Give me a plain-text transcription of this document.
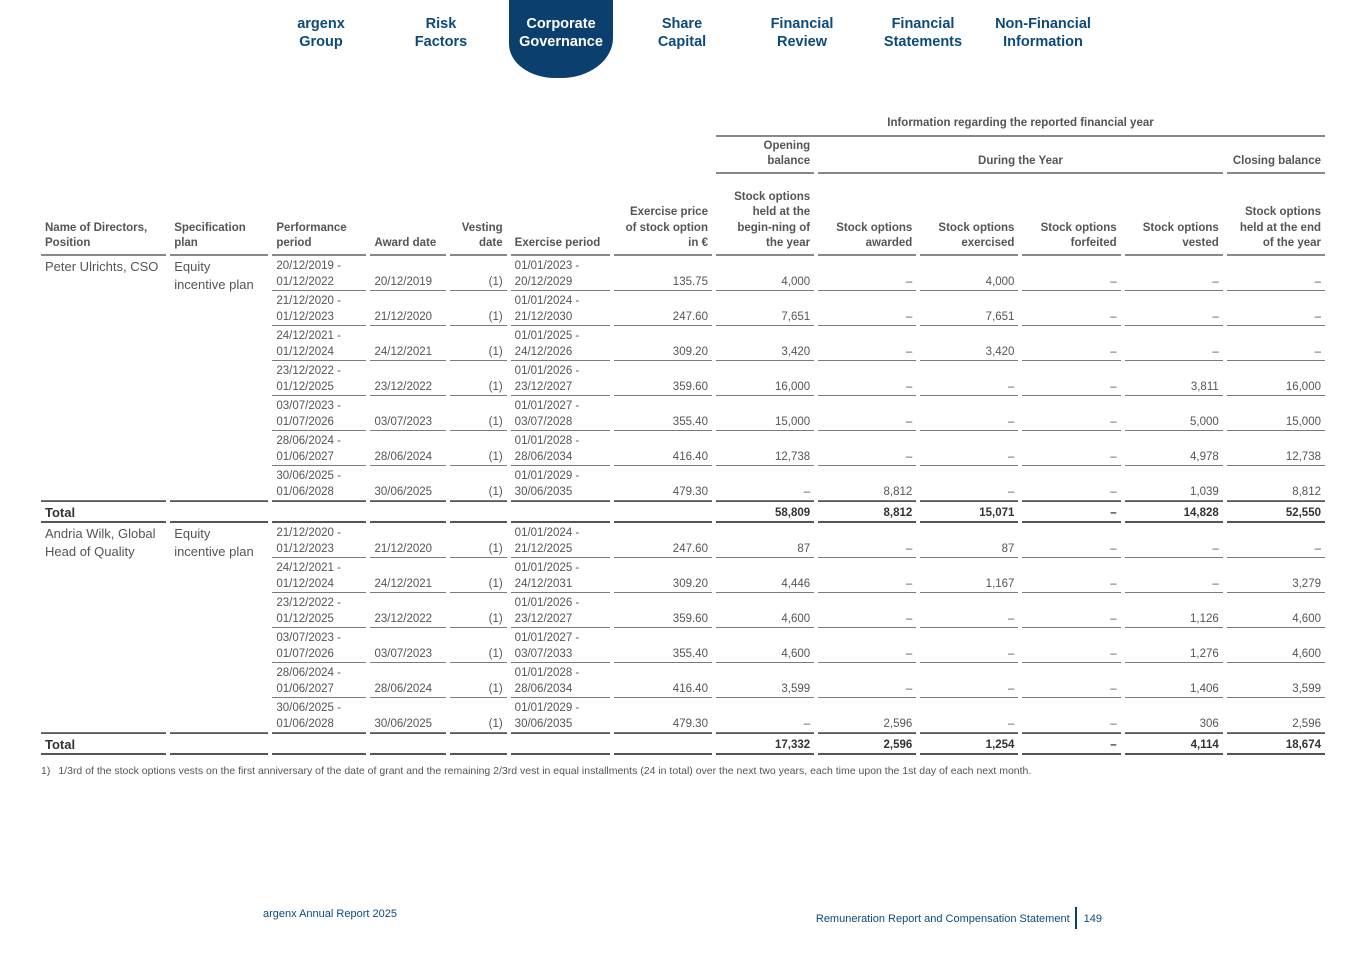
argenx
Group
Risk
Factors
Corporate
Governance
Share
Capital
Financial
Review
Financial
Statements
Non-Financial
Information
							Information regarding the reported financial year					
							Opening balance	During the Year				Closing balance
Name of Directors, Position	Specification plan	Performance period	Award date	Vesting date	Exercise period	Exercise price of stock option in €	Stock options held at the begin-ning of the year	Stock options awarded	Stock options exercised	Stock options forfeited	Stock options vested	Stock options held at the end of the year
Peter Ulrichts, CSO	Equity incentive plan	20/12/2019 - 01/12/2022	20/12/2019	(1)	01/01/2023 - 20/12/2029	135.75	4,000	–	4,000	–	–	–
		21/12/2020 - 01/12/2023	21/12/2020	(1)	01/01/2024 - 21/12/2030	247.60	7,651	–	7,651	–	–	–
		24/12/2021 - 01/12/2024	24/12/2021	(1)	01/01/2025 - 24/12/2026	309.20	3,420	–	3,420	–	–	–
		23/12/2022 - 01/12/2025	23/12/2022	(1)	01/01/2026 - 23/12/2027	359.60	16,000	–	–	–	3,811	16,000
		03/07/2023 - 01/07/2026	03/07/2023	(1)	01/01/2027 - 03/07/2028	355.40	15,000	–	–	–	5,000	15,000
		28/06/2024 - 01/06/2027	28/06/2024	(1)	01/01/2028 - 28/06/2034	416.40	12,738	–	–	–	4,978	12,738
		30/06/2025 - 01/06/2028	30/06/2025	(1)	01/01/2029 - 30/06/2035	479.30	–	8,812	–	–	1,039	8,812
Total							58,809	8,812	15,071	–	14,828	52,550
Andria Wilk, Global Head of Quality	Equity incentive plan	21/12/2020 - 01/12/2023	21/12/2020	(1)	01/01/2024 - 21/12/2025	247.60	87	–	87	–	–	–
		24/12/2021 - 01/12/2024	24/12/2021	(1)	01/01/2025 - 24/12/2031	309.20	4,446	–	1,167	–	–	3,279
		23/12/2022 - 01/12/2025	23/12/2022	(1)	01/01/2026 - 23/12/2027	359.60	4,600	–	–	–	1,126	4,600
		03/07/2023 - 01/07/2026	03/07/2023	(1)	01/01/2027 - 03/07/2033	355.40	4,600	–	–	–	1,276	4,600
		28/06/2024 - 01/06/2027	28/06/2024	(1)	01/01/2028 - 28/06/2034	416.40	3,599	–	–	–	1,406	3,599
		30/06/2025 - 01/06/2028	30/06/2025	(1)	01/01/2029 - 30/06/2035	479.30	–	2,596	–	–	306	2,596
Total							17,332	2,596	1,254	–	4,114	18,674
1) 1/3rd of the stock options vests on the first anniversary of the date of grant and the remaining 2/3rd vest in equal installments (24 in total) over the next two years, each time upon the 1st day of each next month.
argenx Annual Report 2025	Remuneration Report and Compensation Statement 149
